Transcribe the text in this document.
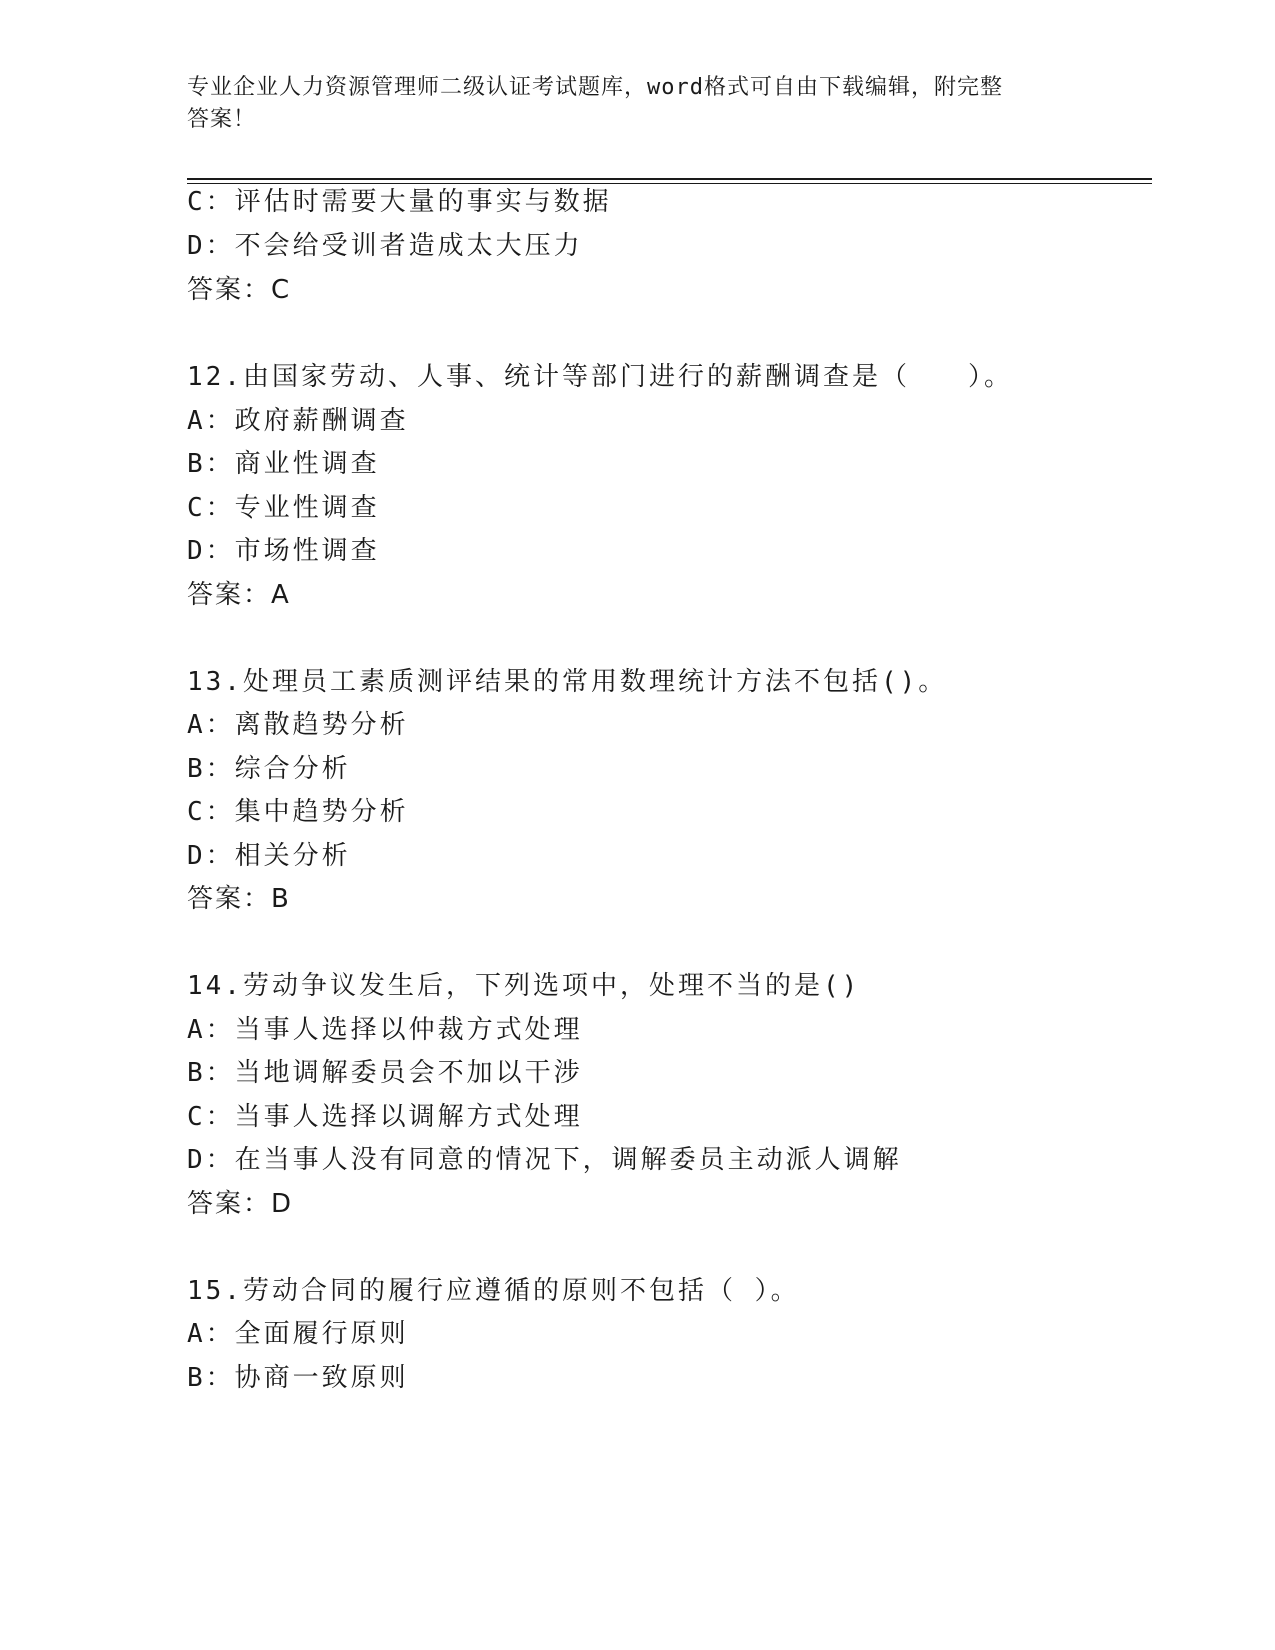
专业企业人力资源管理师二级认证考试题库，word格式可自由下载编辑，附完整
答案！
C：评估时需要大量的事实与数据
D：不会给受训者造成太大压力
答案：C
12.由国家劳动、人事、统计等部门进行的薪酬调查是（　　）。
A：政府薪酬调查
B：商业性调查
C：专业性调查
D：市场性调查
答案：A
13.处理员工素质测评结果的常用数理统计方法不包括()。
A：离散趋势分析
B：综合分析
C：集中趋势分析
D：相关分析
答案：B
14.劳动争议发生后，下列选项中，处理不当的是()
A：当事人选择以仲裁方式处理
B：当地调解委员会不加以干涉
C：当事人选择以调解方式处理
D：在当事人没有同意的情况下，调解委员主动派人调解
答案：D
15.劳动合同的履行应遵循的原则不包括（ ）。
A：全面履行原则
B：协商一致原则
